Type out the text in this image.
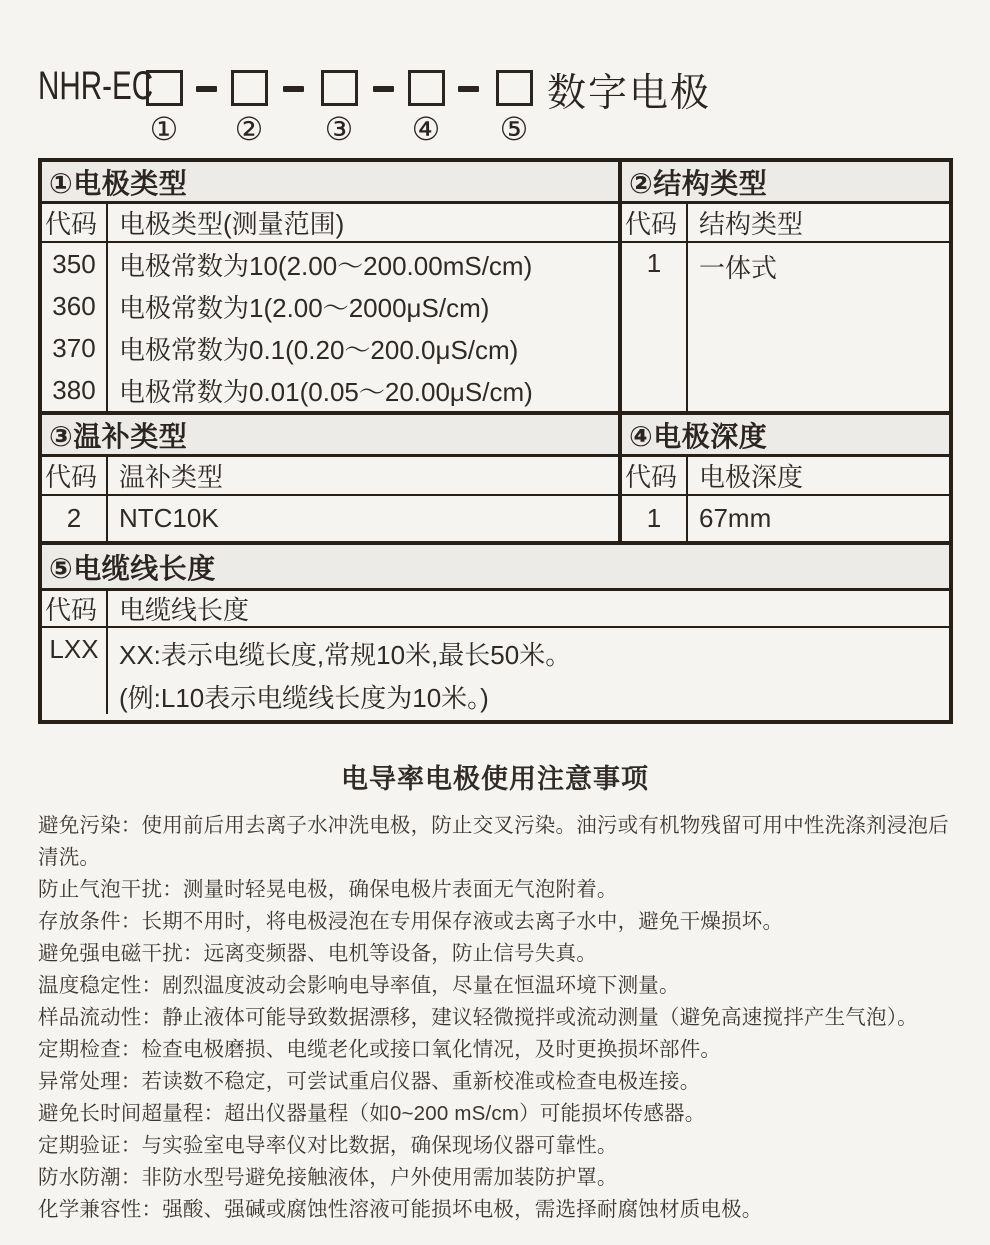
NHR-EC	数字电极
① ② ③ ④ ⑤
①电极类型
代码 电极类型(测量范围)
350 电极常数为10(2.00～200.00mS/cm)
360 电极常数为1(2.00～2000μS/cm)
370 电极常数为0.1(0.20～200.0μS/cm)
380 电极常数为0.01(0.05～20.00μS/cm)
②结构类型
代码 结构类型
1	一体式
③温补类型
代码 温补类型
2	NTC10K
④电极深度
代码 电极深度
1	67mm
⑤电缆线长度
代码 电缆线长度
LXX XX:表示电缆长度,常规10米,最长50米。
(例:L10表示电缆线长度为10米。)
电导率电极使用注意事项

避免污染：使用前后用去离子水冲洗电极，防止交叉污染。油污或有机物残留可用中性洗涤剂浸泡后清洗。

防止气泡干扰：测量时轻晃电极，确保电极片表面无气泡附着。

存放条件：长期不用时，将电极浸泡在专用保存液或去离子水中，避免干燥损坏。

避免强电磁干扰：远离变频器、电机等设备，防止信号失真。

温度稳定性：剧烈温度波动会影响电导率值，尽量在恒温环境下测量。

样品流动性：静止液体可能导致数据漂移，建议轻微搅拌或流动测量（避免高速搅拌产生气泡）。

定期检查：检查电极磨损、电缆老化或接口氧化情况，及时更换损坏部件。

异常处理：若读数不稳定，可尝试重启仪器、重新校准或检查电极连接。

避免长时间超量程：超出仪器量程（如0~200 mS/cm）可能损坏传感器。

定期验证：与实验室电导率仪对比数据，确保现场仪器可靠性。

防水防潮：非防水型号避免接触液体，户外使用需加装防护罩。

化学兼容性：强酸、强碱或腐蚀性溶液可能损坏电极，需选择耐腐蚀材质电极。
